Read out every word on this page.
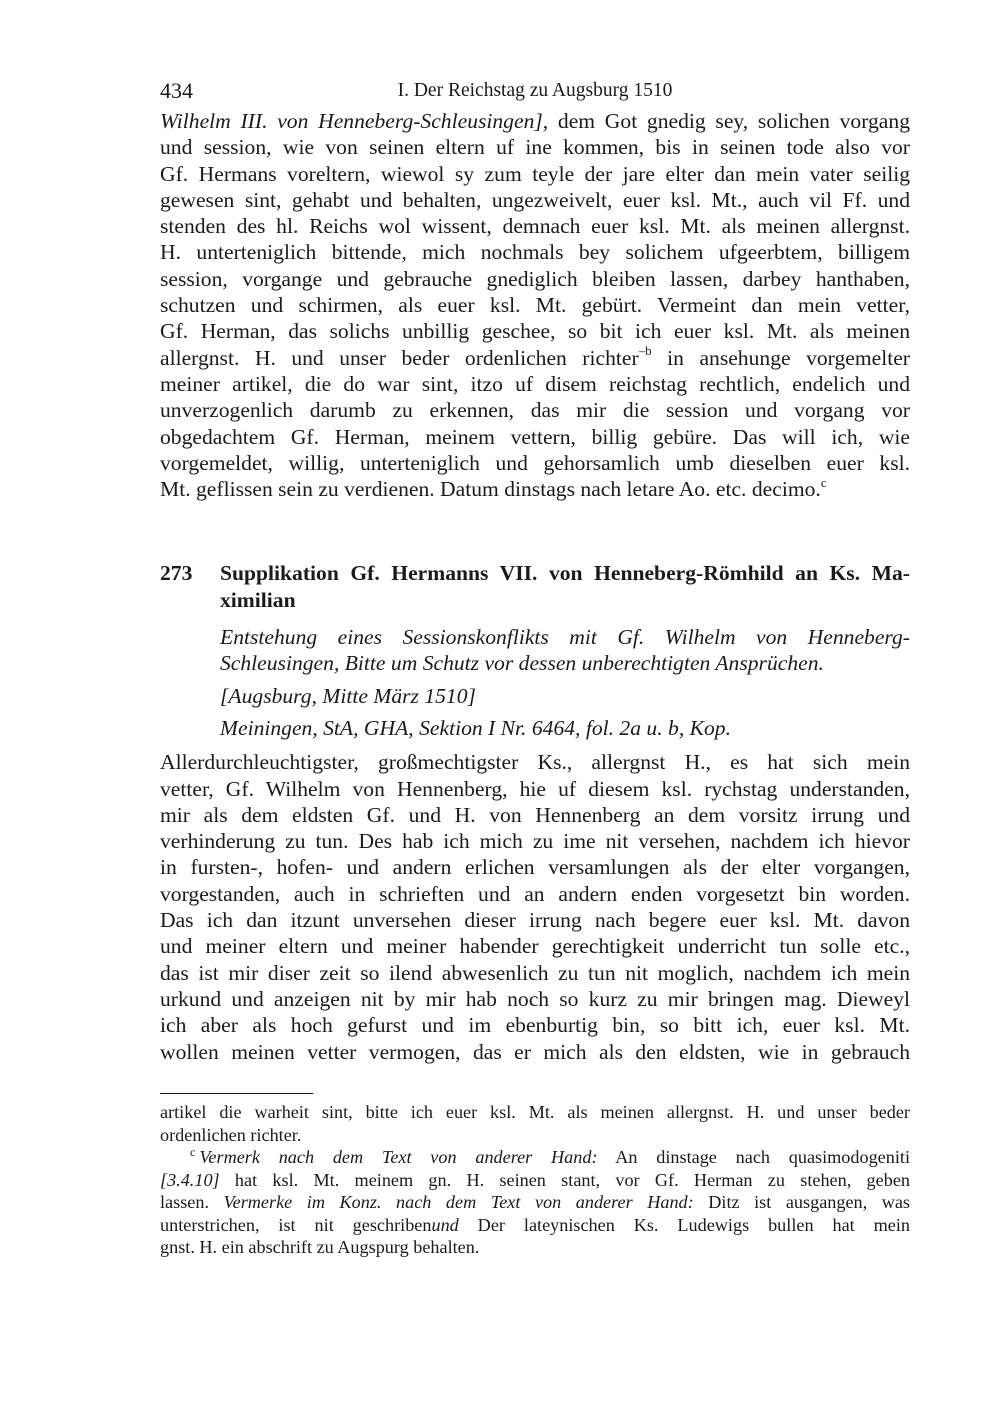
434	I. Der Reichstag zu Augsburg 1510
Wilhelm III. von Henneberg-Schleusingen], dem Got gnedig sey, solichen vorgang
und session, wie von seinen eltern uf ine kommen, bis in seinen tode also vor
Gf. Hermans voreltern, wiewol sy zum teyle der jare elter dan mein vater seilig
gewesen sint, gehabt und behalten, ungezweivelt, euer ksl. Mt., auch vil Ff. und
stenden des hl. Reichs wol wissent, demnach euer ksl. Mt. als meinen allergnst.
H. unterteniglich bittende, mich nochmals bey solichem ufgeerbtem, billigem
session, vorgange und gebrauche gnediglich bleiben lassen, darbey hanthaben,
schutzen und schirmen, als euer ksl. Mt. gebürt. Vermeint dan mein vetter,
Gf. Herman, das solichs unbillig geschee, so bit ich euer ksl. Mt. als meinen
allergnst. H. und unser beder ordenlichen richter$^{-b}$ in ansehunge vorgemelter
meiner artikel, die do war sint, itzo uf disem reichstag rechtlich, endelich und
unverzogenlich darumb zu erkennen, das mir die session und vorgang vor
obgedachtem Gf. Herman, meinem vettern, billig gebüre. Das will ich, wie
vorgemeldet, willig, unterteniglich und gehorsamlich umb dieselben euer ksl.
Mt. geflissen sein zu verdienen. Datum dinstags nach letare Ao. etc. decimo.$^c$
273	Supplikation Gf. Hermanns VII. von Henneberg-Römhild an Ks. Ma-
ximilian
Entstehung eines Sessionskonflikts mit Gf. Wilhelm von Henneberg-
Schleusingen, Bitte um Schutz vor dessen unberechtigten Ansprüchen.
[Augsburg, Mitte März 1510]
Meiningen, StA, GHA, Sektion I Nr. 6464, fol. 2a u. b, Kop.
Allerdurchleuchtigster, großmechtigster Ks., allergnst H., es hat sich mein
vetter, Gf. Wilhelm von Hennenberg, hie uf diesem ksl. rychstag understanden,
mir als dem eldsten Gf. und H. von Hennenberg an dem vorsitz irrung und
verhinderung zu tun. Des hab ich mich zu ime nit versehen, nachdem ich hievor
in fursten-, hofen- und andern erlichen versamlungen als der elter vorgangen,
vorgestanden, auch in schrieften und an andern enden vorgesetzt bin worden.
Das ich dan itzunt unversehen dieser irrung nach begere euer ksl. Mt. davon
und meiner eltern und meiner habender gerechtigkeit underricht tun solle etc.,
das ist mir diser zeit so ilend abwesenlich zu tun nit moglich, nachdem ich mein
urkund und anzeigen nit by mir hab noch so kurz zu mir bringen mag. Dieweyl
ich aber als hoch gefurst und im ebenburtig bin, so bitt ich, euer ksl. Mt.
wollen meinen vetter vermogen, das er mich als den eldsten, wie in gebrauch
artikel die warheit sint, bitte ich euer ksl. Mt. als meinen allergnst. H. und unser beder
ordenlichen richter.
$^c$ Vermerk nach dem Text von anderer Hand: An dinstage nach quasimodogeniti
[3.4.10] hat ksl. Mt. meinem gn. H. seinen stant, vor Gf. Herman zu stehen, geben
lassen. Vermerke im Konz. nach dem Text von anderer Hand: Ditz ist ausgangen, was
unterstrichen, ist nit geschribenund Der lateynischen Ks. Ludewigs bullen hat mein
gnst. H. ein abschrift zu Augspurg behalten.
